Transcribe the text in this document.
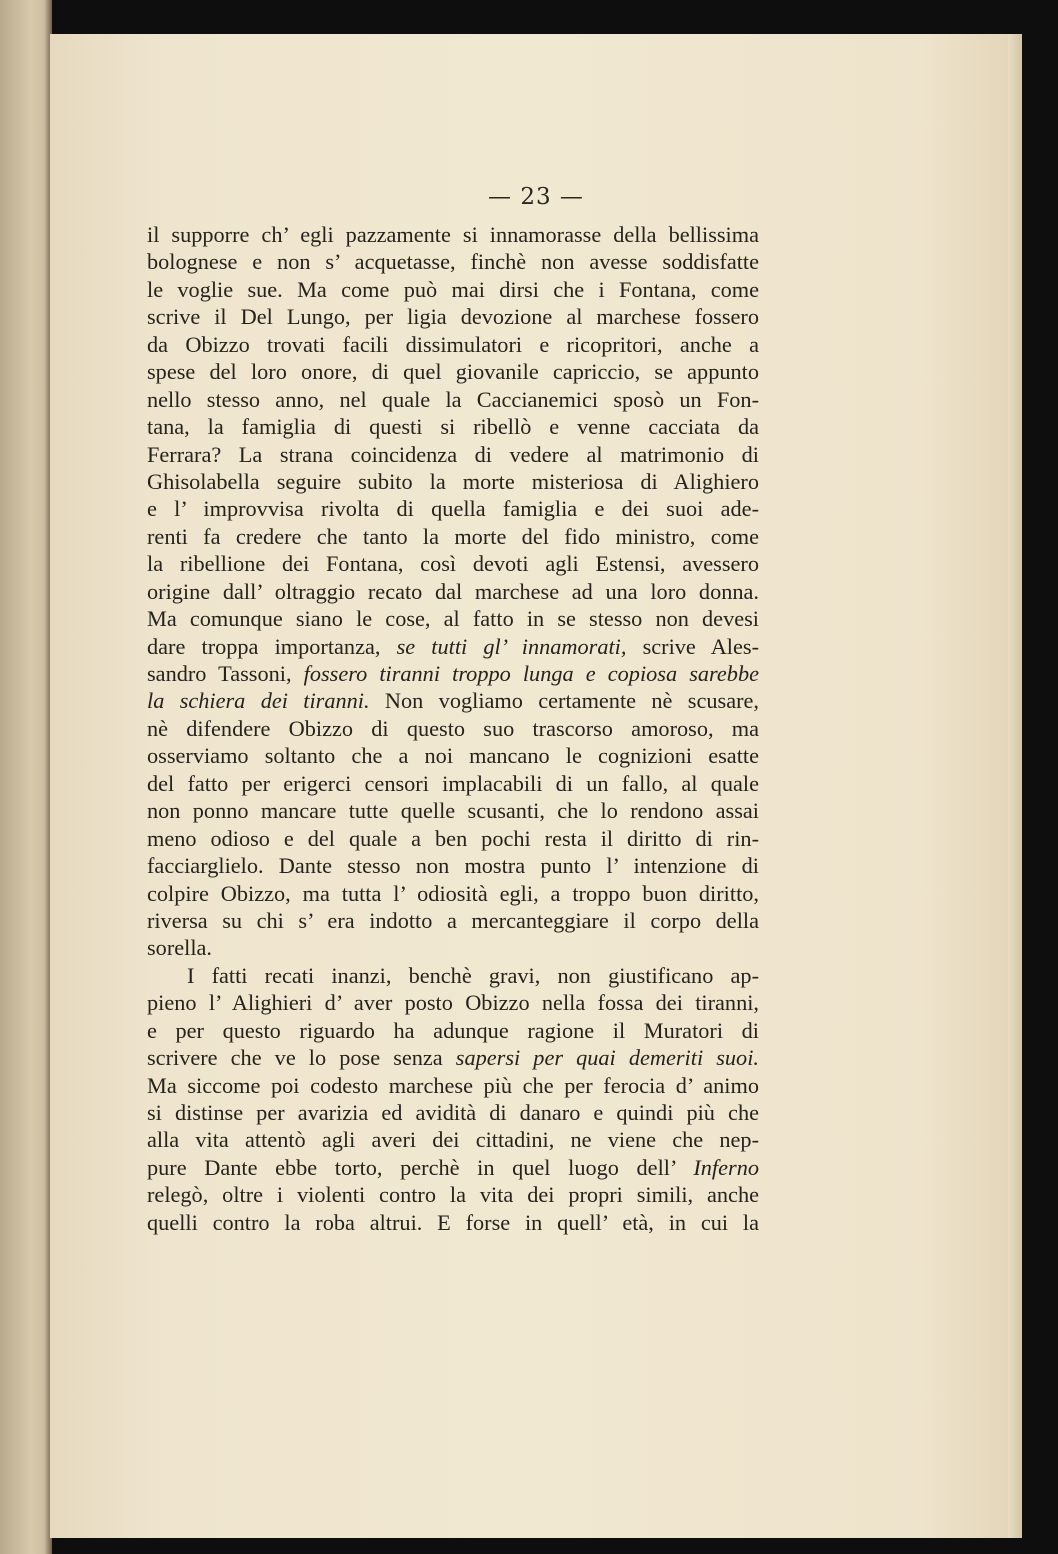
— 23 —

il supporre ch’ egli pazzamente si innamorasse della bellissima
bolognese e non s’ acquetasse, finchè non avesse soddisfatte
le voglie sue. Ma come può mai dirsi che i Fontana, come
scrive il Del Lungo, per ligia devozione al marchese fossero
da Obizzo trovati facili dissimulatori e ricopritori, anche a
spese del loro onore, di quel giovanile capriccio, se appunto
nello stesso anno, nel quale la Caccianemici sposò un Fon-
tana, la famiglia di questi si ribellò e venne cacciata da
Ferrara? La strana coincidenza di vedere al matrimonio di
Ghisolabella seguire subito la morte misteriosa di Alighiero
e l’ improvvisa rivolta di quella famiglia e dei suoi ade-
renti fa credere che tanto la morte del fido ministro, come
la ribellione dei Fontana, così devoti agli Estensi, avessero
origine dall’ oltraggio recato dal marchese ad una loro donna.
Ma comunque siano le cose, al fatto in se stesso non devesi
dare troppa importanza, se tutti gl’ innamorati, scrive Ales-
sandro Tassoni, fossero tiranni troppo lunga e copiosa sarebbe
la schiera dei tiranni. Non vogliamo certamente nè scusare,
nè difendere Obizzo di questo suo trascorso amoroso, ma
osserviamo soltanto che a noi mancano le cognizioni esatte
del fatto per erigerci censori implacabili di un fallo, al quale
non ponno mancare tutte quelle scusanti, che lo rendono assai
meno odioso e del quale a ben pochi resta il diritto di rin-
facciarglielo. Dante stesso non mostra punto l’ intenzione di
colpire Obizzo, ma tutta l’ odiosità egli, a troppo buon diritto,
riversa su chi s’ era indotto a mercanteggiare il corpo della
sorella.
I fatti recati inanzi, benchè gravi, non giustificano ap-
pieno l’ Alighieri d’ aver posto Obizzo nella fossa dei tiranni,
e per questo riguardo ha adunque ragione il Muratori di
scrivere che ve lo pose senza sapersi per quai demeriti suoi.
Ma siccome poi codesto marchese più che per ferocia d’ animo
si distinse per avarizia ed avidità di danaro e quindi più che
alla vita attentò agli averi dei cittadini, ne viene che nep-
pure Dante ebbe torto, perchè in quel luogo dell’ Inferno
relegò, oltre i violenti contro la vita dei propri simili, anche
quelli contro la roba altrui. E forse in quell’ età, in cui la
